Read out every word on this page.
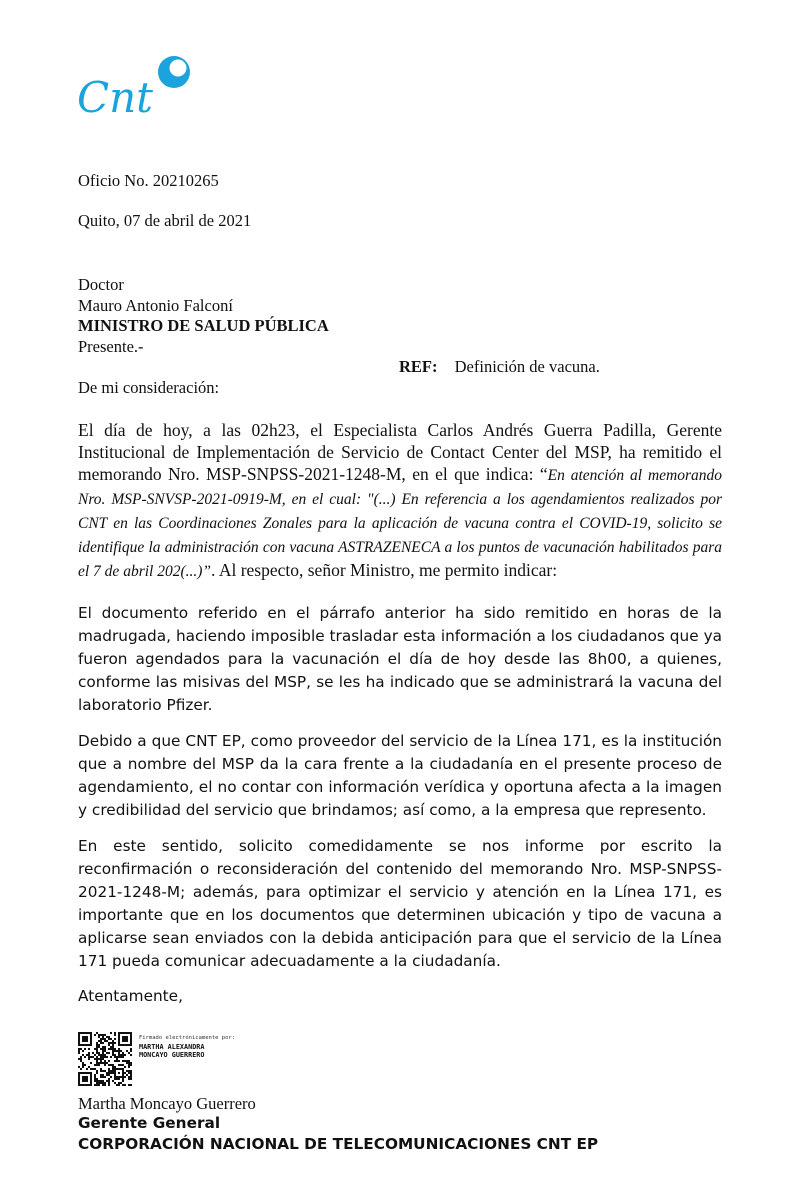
Cnt
Oficio No. 20210265
Quito, 07 de abril de 2021
Doctor
Mauro Antonio Falconí
MINISTRO DE SALUD PÚBLICA
Presente.-
REF: Definición de vacuna.
De mi consideración:
El día de hoy, a las 02h23, el Especialista Carlos Andrés Guerra Padilla, Gerente Institucional de Implementación de Servicio de Contact Center del MSP, ha remitido el memorando Nro. MSP-SNPSS-2021-1248-M, en el que indica: “En atención al memorando Nro. MSP-SNVSP-2021-0919-M, en el cual: "(...) En referencia a los agendamientos realizados por CNT en las Coordinaciones Zonales para la aplicación de vacuna contra el COVID-19, solicito se identifique la administración con vacuna ASTRAZENECA a los puntos de vacunación habilitados para el 7 de abril 202(...)”. Al respecto, señor Ministro, me permito indicar:
El documento referido en el párrafo anterior ha sido remitido en horas de la madrugada, haciendo imposible trasladar esta información a los ciudadanos que ya fueron agendados para la vacunación el día de hoy desde las 8h00, a quienes, conforme las misivas del MSP, se les ha indicado que se administrará la vacuna del laboratorio Pfizer.
Debido a que CNT EP, como proveedor del servicio de la Línea 171, es la institución que a nombre del MSP da la cara frente a la ciudadanía en el presente proceso de agendamiento, el no contar con información verídica y oportuna afecta a la imagen y credibilidad del servicio que brindamos; así como, a la empresa que represento.
En este sentido, solicito comedidamente se nos informe por escrito la reconfirmación o reconsideración del contenido del memorando Nro. MSP-SNPSS-2021-1248-M; además, para optimizar el servicio y atención en la Línea 171, es importante que en los documentos que determinen ubicación y tipo de vacuna a aplicarse sean enviados con la debida anticipación para que el servicio de la Línea 171 pueda comunicar adecuadamente a la ciudadanía.
Atentamente,
Firmado electrónicamente por:
MARTHA ALEXANDRA
MONCAYO GUERRERO
Martha Moncayo Guerrero
Gerente General
CORPORACIÓN NACIONAL DE TELECOMUNICACIONES CNT EP
